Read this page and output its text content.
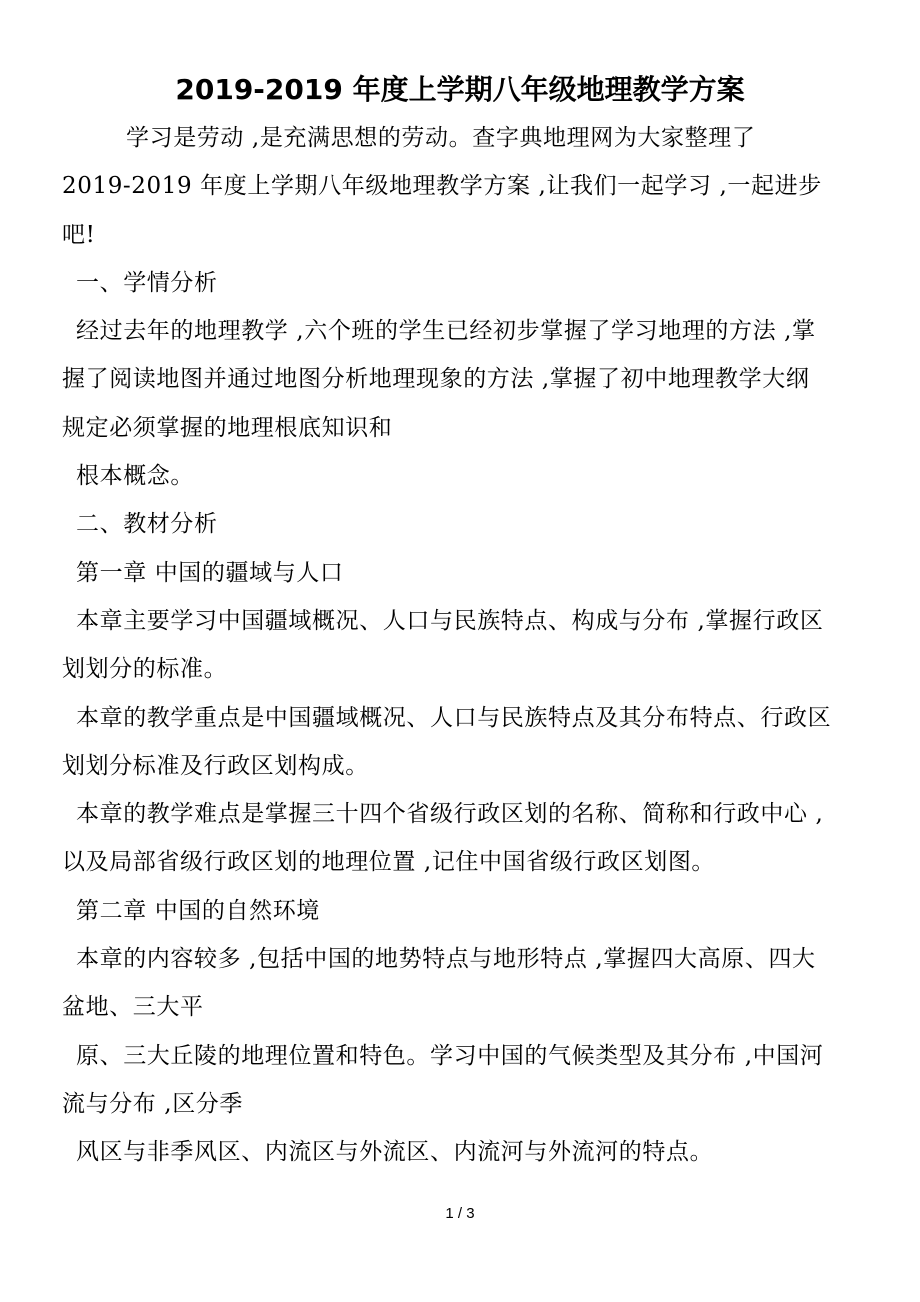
2019-2019 年度上学期八年级地理教学方案
学习是劳动 ,是充满思想的劳动。查字典地理网为大家整理了
2019-2019 年度上学期八年级地理教学方案 ,让我们一起学习 ,一起进步
吧!
一、学情分析
经过去年的地理教学 ,六个班的学生已经初步掌握了学习地理的方法 ,掌
握了阅读地图并通过地图分析地理现象的方法 ,掌握了初中地理教学大纲
规定必须掌握的地理根底知识和
根本概念。
二、教材分析
第一章 中国的疆域与人口
本章主要学习中国疆域概况、人口与民族特点、构成与分布 ,掌握行政区
划划分的标准。
本章的教学重点是中国疆域概况、人口与民族特点及其分布特点、行政区
划划分标准及行政区划构成。
本章的教学难点是掌握三十四个省级行政区划的名称、简称和行政中心 ,
以及局部省级行政区划的地理位置 ,记住中国省级行政区划图。
第二章 中国的自然环境
本章的内容较多 ,包括中国的地势特点与地形特点 ,掌握四大高原、四大
盆地、三大平
原、三大丘陵的地理位置和特色。学习中国的气候类型及其分布 ,中国河
流与分布 ,区分季
风区与非季风区、内流区与外流区、内流河与外流河的特点。
1 / 3
